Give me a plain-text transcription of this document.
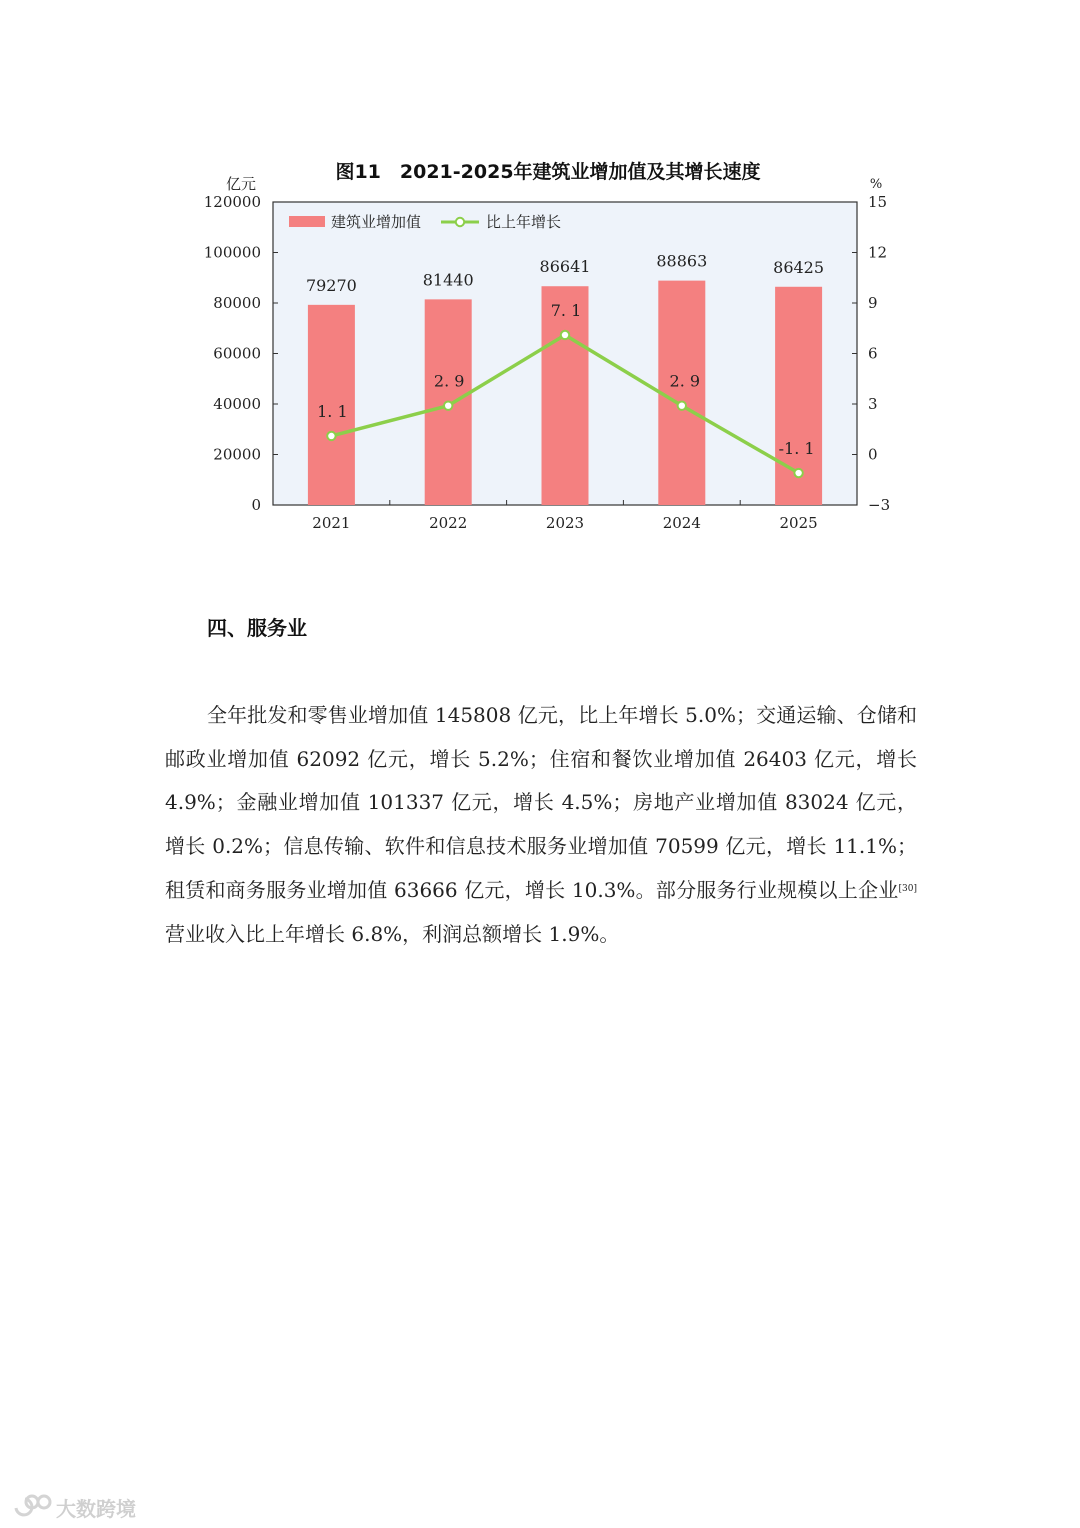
图11　2021-2025年建筑业增加值及其增长速度
亿元	%
0
20000
40000
60000
80000
100000
120000
−3
0
3
6
9
12
15
79270	81440
86641	88863	86425
1. 1
2. 9
7. 1
2. 9
-1. 1
2021	2022	2023	2024	2025
建筑业增加值	比上年增长
四、服务业

全年批发和零售业增加值 145808 亿元，比上年增长 5.0%；交通运输、仓储和邮政业增加值 62092 亿元，增长 5.2%；住宿和餐饮业增加值 26403 亿元，增长 4.9%；金融业增加值 101337 亿元，增长 4.5%；房地产业增加值 83024 亿元，增长 0.2%；信息传输、软件和信息技术服务业增加值 70599 亿元，增长 11.1%；租赁和商务服务业增加值 63666 亿元，增长 10.3%。部分服务行业规模以上企业[30]营业收入比上年增长 6.8%，利润总额增长 1.9%。

大数跨境
